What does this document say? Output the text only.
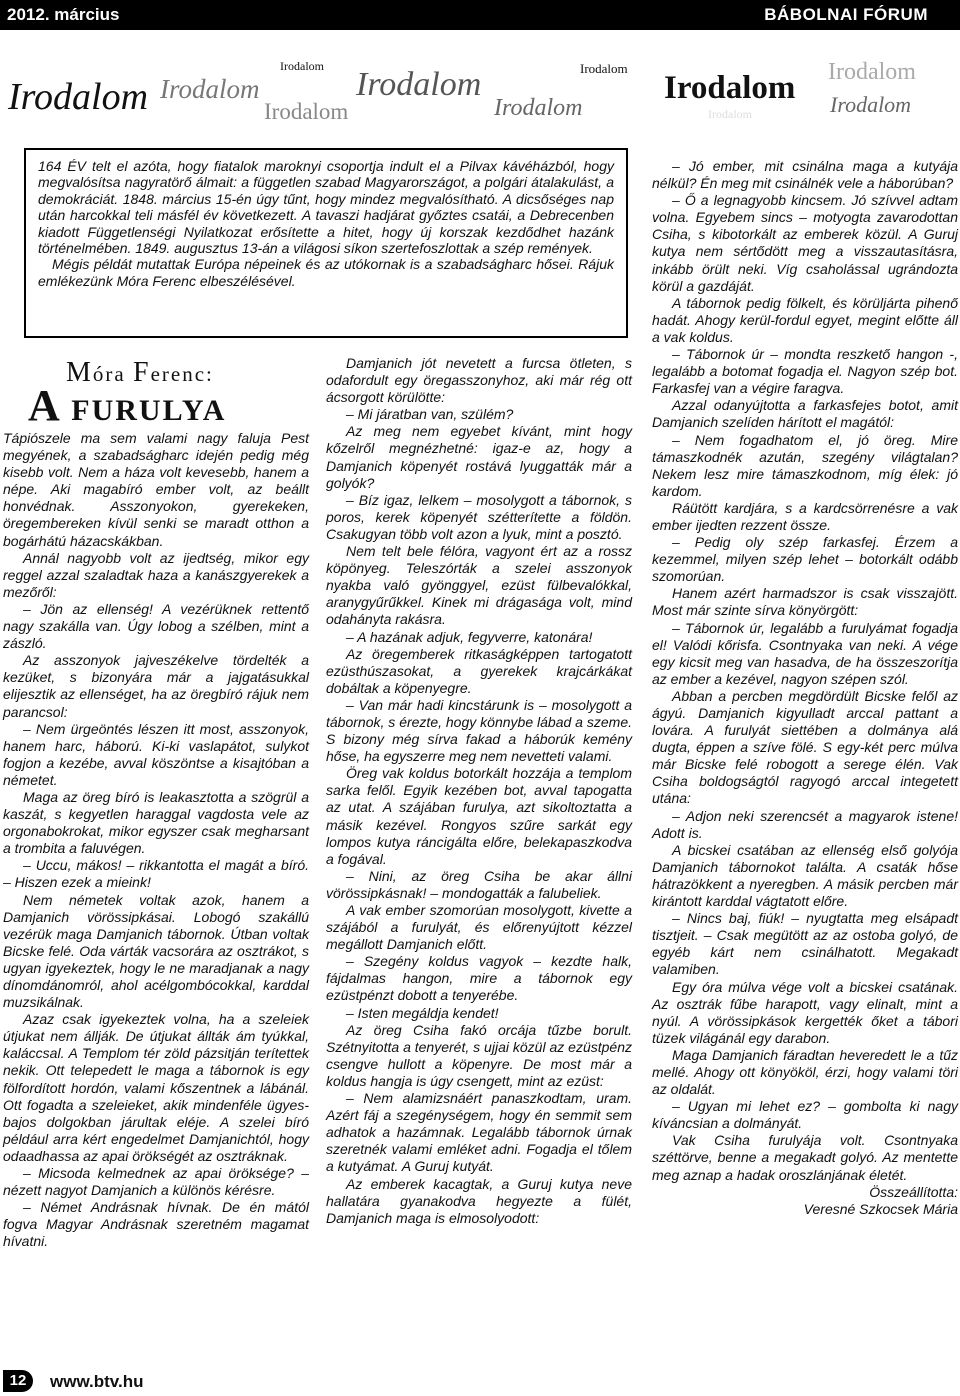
2012. március	BÁBOLNAI FÓRUM
Irodalom Irodalom
Irodalom
Irodalom
Irodalom	Irodalom
Irodalom
Irodalom
Irodalom
Irodalom
Irodalom

164 ÉV telt el azóta, hogy fiatalok maroknyi csoportja indult el a Pilvax kávéházból, hogy megvalósítsa nagyratörő álmait: a független szabad Magyarországot, a polgári átalakulást, a demokráciát. 1848. március 15-én úgy tűnt, hogy mindez megvalósítható. A dicsőséges nap után harcokkal teli másfél év következett. A tavaszi hadjárat győztes csatái, a Debrecenben kiadott Függetlenségi Nyilatkozat erősítette a hitet, hogy új korszak kezdődhet hazánk történelmében. 1849. augusztus 13-án a világosi síkon szertefoszlottak a szép remények.

Mégis példát mutattak Európa népeinek és az utókornak is a szabadságharc hősei. Rájuk emlékezünk Móra Ferenc elbeszélésével.

Móra Ferenc:
A FURULYA

Tápiószele ma sem valami nagy faluja Pest megyének, a szabadságharc idején pedig még kisebb volt. Nem a háza volt kevesebb, hanem a népe. Aki magabíró ember volt, az beállt honvédnak. Asszonyokon, gyerekeken, öregembereken kívül senki se maradt otthon a bogárhátú házacskákban.

Annál nagyobb volt az ijedtség, mikor egy reggel azzal szaladtak haza a kanászgyerekek a mezőről:

– Jön az ellenség! A vezérüknek rettentő nagy szakálla van. Úgy lobog a szélben, mint a zászló.

Az asszonyok jajveszékelve tördelték a kezüket, s bizonyára már a jajgatásukkal elijesztik az ellenséget, ha az öregbíró rájuk nem parancsol:

– Nem ürgeöntés lészen itt most, asszonyok, hanem harc, háború. Ki-ki vaslapátot, sulykot fogjon a kezébe, avval köszöntse a kisajtóban a németet.

Maga az öreg bíró is leakasztotta a szögrül a kaszát, s kegyetlen haraggal vagdosta vele az orgonabokrokat, mikor egyszer csak megharsant a trombita a faluvégen.

– Uccu, mákos! – rikkantotta el magát a bíró. – Hiszen ezek a mieink!

Nem németek voltak azok, hanem a Damjanich vörössipkásai. Lobogó szakállú vezérük maga Damjanich tábornok. Útban voltak Bicske felé. Oda várták vacsorára az osztrákot, s ugyan igyekeztek, hogy le ne maradjanak a nagy dínomdánomról, ahol acélgombócokkal, karddal muzsikálnak.

Azaz csak igyekeztek volna, ha a szeleiek útjukat nem állják. De útjukat állták ám tyúkkal, kaláccsal. A Templom tér zöld pázsitján terítettek nekik. Ott telepedett le maga a tábornok is egy fölfordított hordón, valami kőszentnek a lábánál. Ott fogadta a szeleieket, akik mindenféle ügyes-bajos dolgokban járultak eléje. A szelei bíró például arra kért engedelmet Damjanichtól, hogy odaadhassa az apai örökségét az osztráknak.

– Micsoda kelmednek az apai öröksége? – nézett nagyot Damjanich a különös kérésre.

– Német Andrásnak hívnak. De én mától fogva Magyar Andrásnak szeretném magamat hívatni.

Damjanich jót nevetett a furcsa ötleten, s odafordult egy öregasszonyhoz, aki már rég ott ácsorgott körülötte:

– Mi járatban van, szülém?

Az meg nem egyebet kívánt, mint hogy kőzelről megnézhetné: igaz-e az, hogy a Damjanich köpenyét rostává lyuggatták már a golyók?

– Bíz igaz, lelkem – mosolygott a tábornok, s poros, kerek köpenyét szétterítette a földön. Csakugyan több volt azon a lyuk, mint a posztó.

Nem telt bele félóra, vagyont ért az a rossz köpönyeg. Teleszórták a szelei asszonyok nyakba való gyönggyel, ezüst fülbevalókkal, aranygyűrűkkel. Kinek mi drágasága volt, mind odahányta rakásra.

– A hazának adjuk, fegyverre, katonára!

Az öregemberek ritkaságképpen tartogatott ezüsthúszasokat, a gyerekek krajcárkákat dobáltak a köpenyegre.

– Van már hadi kincstárunk is – mosolygott a tábornok, s érezte, hogy könnybe lábad a szeme. S bizony még sírva fakad a háborúk kemény hőse, ha egyszerre meg nem nevetteti valami.

Öreg vak koldus botorkált hozzája a templom sarka felől. Egyik kezében bot, avval tapogatta az utat. A szájában furulya, azt sikoltoztatta a másik kezével. Rongyos szűre sarkát egy lompos kutya ráncigálta előre, belekapaszkodva a fogával.

– Nini, az öreg Csiha be akar állni vörössipkásnak! – mondogatták a falubeliek.

A vak ember szomorúan mosolygott, kivette a szájából a furulyát, és előrenyújtott kézzel megállott Damjanich előtt.

– Szegény koldus vagyok – kezdte halk, fájdalmas hangon, mire a tábornok egy ezüstpénzt dobott a tenyerébe.

– Isten megáldja kendet!

Az öreg Csiha fakó orcája tűzbe borult. Szétnyitotta a tenyerét, s ujjai közül az ezüstpénz csengve hullott a köpenyre. De most már a koldus hangja is úgy csengett, mint az ezüst:

– Nem alamizsnáért panaszkodtam, uram. Azért fáj a szegénységem, hogy én semmit sem adhatok a hazámnak. Legalább tábornok úrnak szeretnék valami emléket adni. Fogadja el tőlem a kutyámat. A Guruj kutyát.

Az emberek kacagtak, a Guruj kutya neve hallatára gyanakodva hegyezte a fülét, Damjanich maga is elmosolyodott:

– Jó ember, mit csinálna maga a kutyája nélkül? Én meg mit csinálnék vele a háborúban?

– Ő a legnagyobb kincsem. Jó szívvel adtam volna. Egyebem sincs – motyogta zavarodottan Csiha, s kibotorkált az emberek közül. A Guruj kutya nem sértődött meg a visszautasításra, inkább örült neki. Víg csaholással ugrándozta körül a gazdáját.

A tábornok pedig fölkelt, és körüljárta pihenő hadát. Ahogy kerül-fordul egyet, megint előtte áll a vak koldus.

– Tábornok úr – mondta reszkető hangon -, legalább a botomat fogadja el. Nagyon szép bot. Farkasfej van a végire faragva.

Azzal odanyújtotta a farkasfejes botot, amit Damjanich szelíden hárított el magától:

– Nem fogadhatom el, jó öreg. Mire támaszkodnék azután, szegény világtalan? Nekem lesz mire támaszkodnom, míg élek: jó kardom.

Ráütött kardjára, s a kardcsörrenésre a vak ember ijedten rezzent össze.

– Pedig oly szép farkasfej. Érzem a kezemmel, milyen szép lehet – botorkált odább szomorúan.

Hanem azért harmadszor is csak visszajött. Most már szinte sírva könyörgött:

– Tábornok úr, legalább a furulyámat fogadja el! Valódi kőrisfa. Csontnyaka van neki. A vége egy kicsit meg van hasadva, de ha összeszorítja az ember a kezével, nagyon szépen szól.

Abban a percben megdördült Bicske felől az ágyú. Damjanich kigyulladt arccal pattant a lovára. A furulyát siettében a dolmánya alá dugta, éppen a szíve fölé. S egy-két perc múlva már Bicske felé robogott a serege élén. Vak Csiha boldogságtól ragyogó arccal integetett utána:

– Adjon neki szerencsét a magyarok istene! Adott is.

A bicskei csatában az ellenség első golyója Damjanich tábornokot találta. A csaták hőse hátrazökkent a nyeregben. A másik percben már kirántott karddal vágtatott előre.

– Nincs baj, fiúk! – nyugtatta meg elsápadt tisztjeit. – Csak megütött az az ostoba golyó, de egyéb kárt nem csinálhatott. Megakadt valamiben.

Egy óra múlva vége volt a bicskei csatának. Az osztrák fűbe harapott, vagy elinalt, mint a nyúl. A vörössipkások kergették őket a tábori tüzek világánál egy darabon.

Maga Damjanich fáradtan heveredett le a tűz mellé. Ahogy ott könyököl, érzi, hogy valami töri az oldalát.

– Ugyan mi lehet ez? – gombolta ki nagy kíváncsian a dolmányát.

Vak Csiha furulyája volt. Csontnyaka széttörve, benne a megakadt golyó. Az mentette meg aznap a hadak oroszlánjának életét.

Összeállította:

Veresné Szkocsek Mária

12	www.btv.hu
